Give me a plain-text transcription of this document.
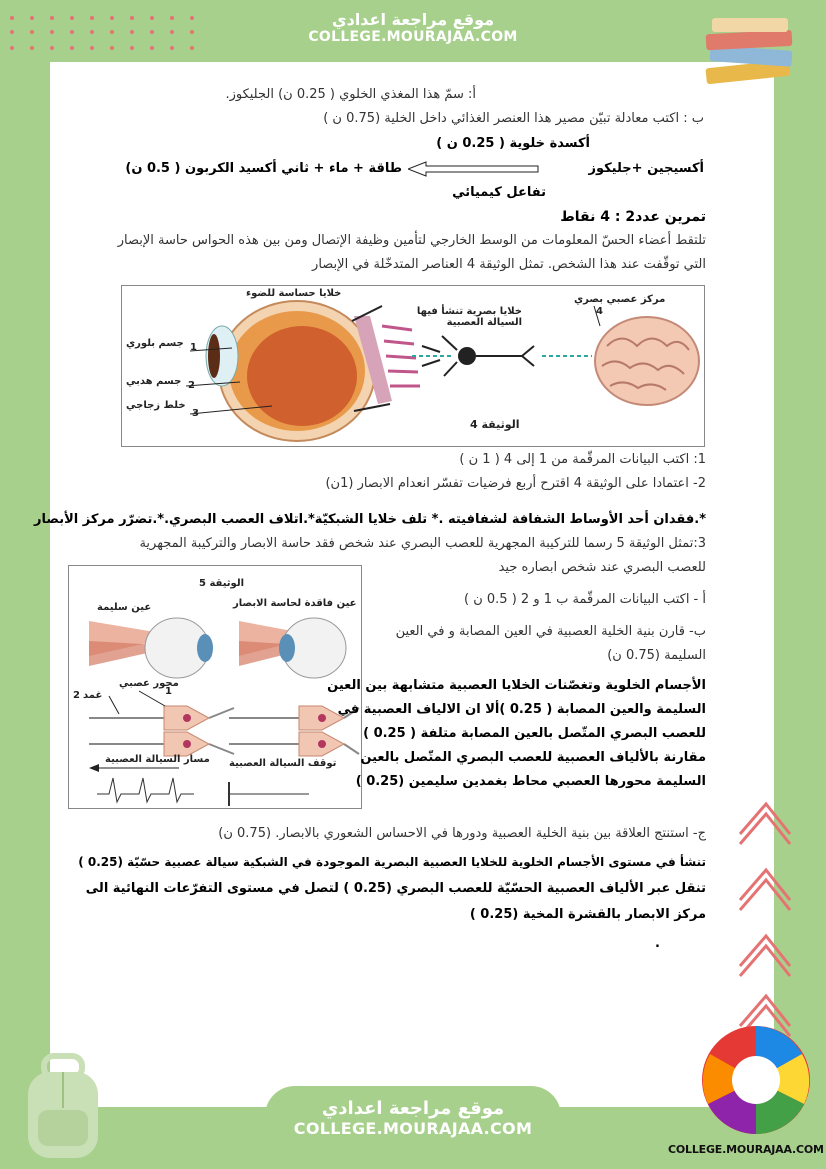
موقع مراجعة اعدادي
COLLEGE.MOURAJAA.COM
أ: سمّ هذا المغذي الخلوي ( 0.25 ن) الجليكوز.
ب : اكتب معادلة تبيّن مصير هذا العنصر الغذائي داخل الخلية (0.75 ن )
أكسدة خلوية ( 0.25 ن )
أكسيجين +جليكوز
طاقة + ماء + ثاني أكسيد الكربون ( 0.5 ن)
تفاعل كيميائي
تمرين عدد2 : 4 نقاط
تلتقط أعضاء الحسّ المعلومات من الوسط الخارجي لتأمين وظيفة الإتصال ومن بين هذه الحواس حاسة الإبصار
التي توقّفت عند هذا الشخص. تمثل الوثيقة 4 العناصر المتدخّلة في الإبصار
خلايا حساسة للضوء
خلايا بصرية تنشأ فيها السيالة العصبية
مركز عصبي بصري
4
جسم بلوري 1
جسم هدبي 2
خلط زجاجي
3
الوثيقة 4
1: اكتب البيانات المرقّمة من 1 إلى 4 ( 1 ن )
2- اعتمادا على الوثيقة 4 اقترح أربع فرضيات تفسّر انعدام الابصار (1ن)
*.فقدان أحد الأوساط الشفافة لشفافيته .* تلف خلايا الشبكيّة*.اتلاف العصب البصري.*.تضرّر مركز الأبصار
3:تمثل الوثيقة 5 رسما للتركيبة المجهرية للعصب البصري عند شخص فقد حاسة الابصار والتركيبة المجهرية
للعصب البصري عند شخص ابصاره جيد
الوثيقة 5
عين سليمة	عين فاقدة لحاسة الابصار
محور عصبي
1
غمد
2
مسار السيالة العصبية توقف السيالة العصبية
أ - اكتب البيانات المرقّمة ب 1 و 2 ( 0.5 ن )
ب- قارن بنية الخلية العصبية في العين المصابة و في العين
السليمة (0.75 ن)
الأجسام الخلوية وتغصّنات الخلايا العصبية متشابهة بين العين
السليمة والعين المصابة ( 0.25 )ألا ان الالياف العصبية في
للعصب البصري المتّصل بالعين المصابة متلفة ( 0.25 )
مقارنة بالألياف العصبية للعصب البصري المتّصل بالعين
السليمة محورها العصبي محاط بغمدين سليمين (0.25 )
ج- استنتج العلاقة بين بنية الخلية العصبية ودورها في الاحساس الشعوري بالابصار. (0.75 ن)
تنشأ في مستوى الأجسام الخلوية للخلايا العصبية البصرية الموجودة في الشبكية سيالة عصبية حسّيّة (0.25 )
تنقل عبر الألياف العصبية الحسّيّة للعصب البصري (0.25 ) لتصل في مستوى التفرّعات النهائية الى
مركز الابصار بالقشرة المخية (0.25 )
.
موقع مراجعة اعدادي
COLLEGE.MOURAJAA.COM
COLLEGE.MOURAJAA.COM
